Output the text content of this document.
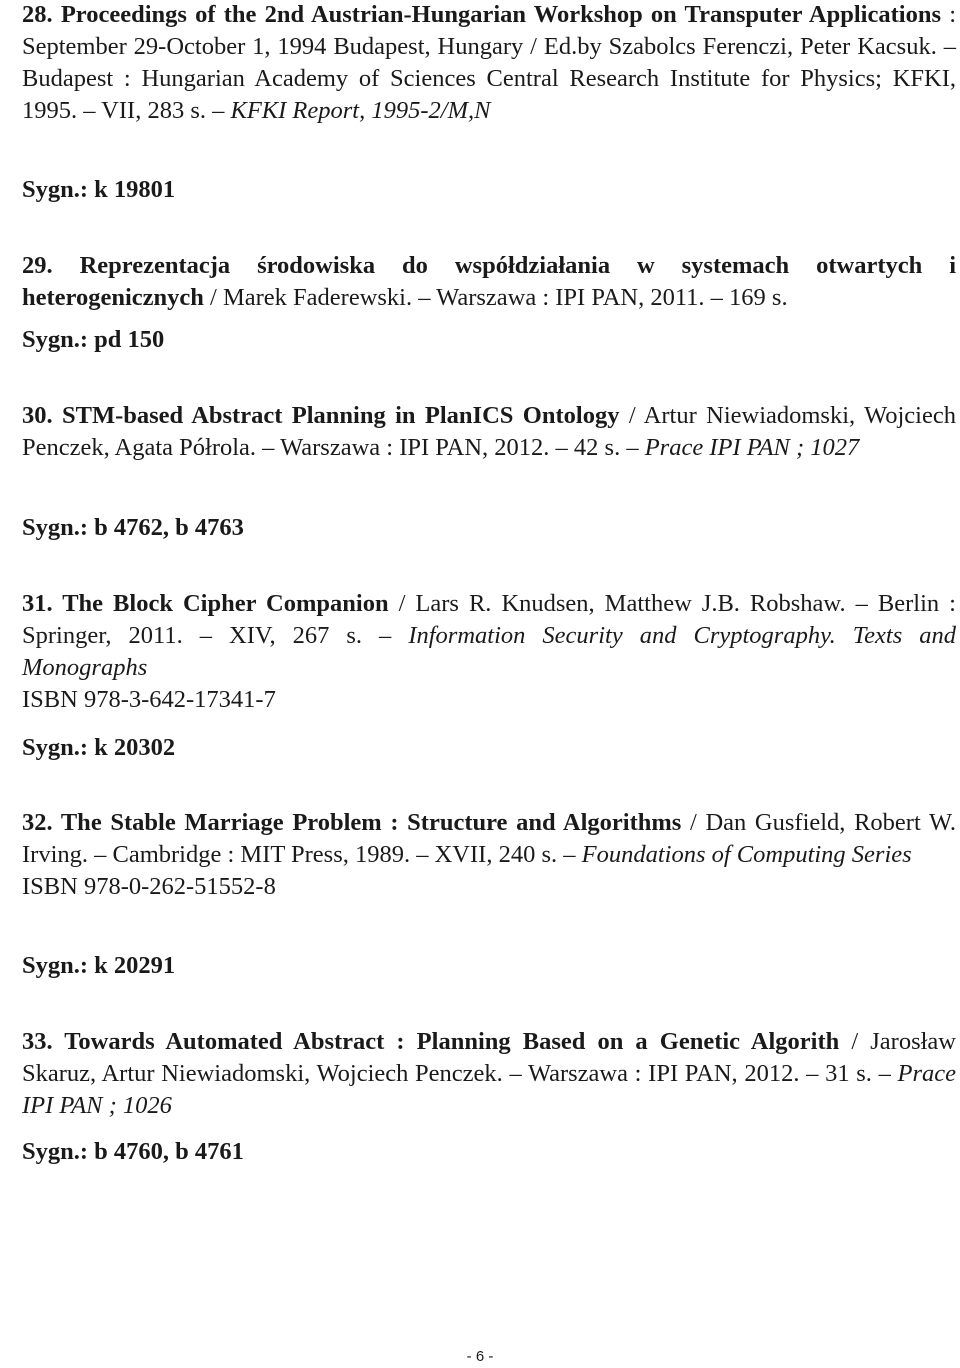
28. Proceedings of the 2nd Austrian-Hungarian Workshop on Transputer Applications : September 29-October 1, 1994 Budapest, Hungary / Ed.by Szabolcs Ferenczi, Peter Kacsuk. – Budapest : Hungarian Academy of Sciences Central Research Institute for Physics; KFKI, 1995. – VII, 283 s. – KFKI Report, 1995-2/M,N
Sygn.: k 19801
29. Reprezentacja środowiska do współdziałania w systemach otwartych i heterogenicznych / Marek Faderewski. – Warszawa : IPI PAN, 2011. – 169 s.
Sygn.: pd 150
30. STM-based Abstract Planning in PlanICS Ontology / Artur Niewiadomski, Wojciech Penczek, Agata Półrola. – Warszawa : IPI PAN, 2012. – 42 s. – Prace IPI PAN ; 1027
Sygn.: b 4762, b 4763
31. The Block Cipher Companion / Lars R. Knudsen, Matthew J.B. Robshaw. – Berlin : Springer, 2011. – XIV, 267 s. – Information Security and Cryptography. Texts and Monographs
ISBN 978-3-642-17341-7
Sygn.: k 20302
32. The Stable Marriage Problem : Structure and Algorithms / Dan Gusfield, Robert W. Irving. – Cambridge : MIT Press, 1989. – XVII, 240 s. – Foundations of Computing Series
ISBN 978-0-262-51552-8
Sygn.: k 20291
33. Towards Automated Abstract : Planning Based on a Genetic Algorith / Jarosław Skaruz, Artur Niewiadomski, Wojciech Penczek. – Warszawa : IPI PAN, 2012. – 31 s. – Prace IPI PAN ; 1026
Sygn.: b 4760, b 4761
- 6 -
